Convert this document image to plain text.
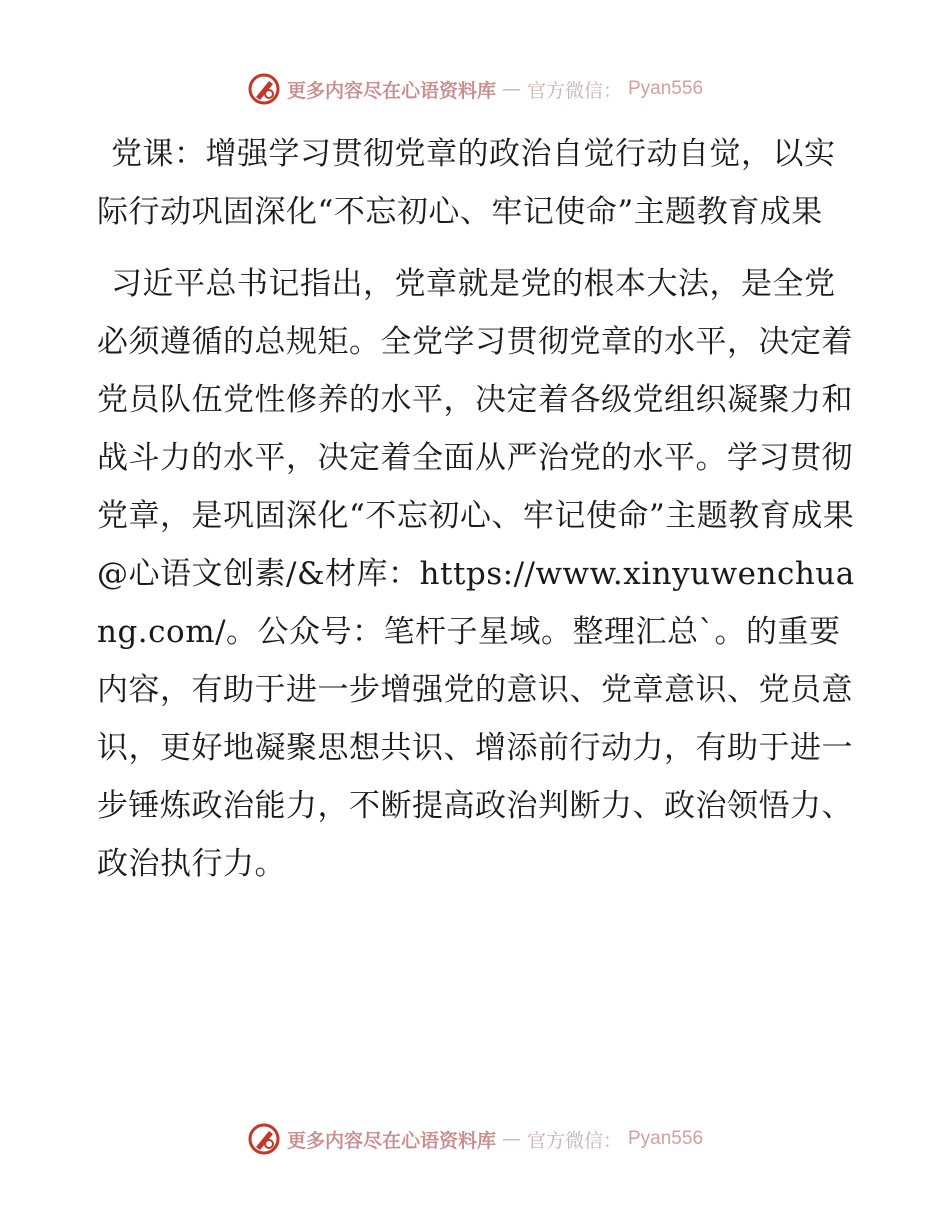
更多内容尽在心语资料库 — 官方微信： Pyan556

党课：增强学习贯彻党章的政治自觉行动自觉，以实际行动巩固深化“不忘初心、牢记使命”主题教育成果

习近平总书记指出，党章就是党的根本大法，是全党必须遵循的总规矩。全党学习贯彻党章的水平，决定着党员队伍党性修养的水平，决定着各级党组织凝聚力和战斗力的水平，决定着全面从严治党的水平。学习贯彻党章，是巩固深化“不忘初心、牢记使命”主题教育成果@心语文创素/&材库：https://www.xinyuwenchuang.com/。公众号：笔杆子星域。整理汇总`。的重要内容，有助于进一步增强党的意识、党章意识、党员意识，更好地凝聚思想共识、增添前行动力，有助于进一步锤炼政治能力，不断提高政治判断力、政治领悟力、政治执行力。

更多内容尽在心语资料库 — 官方微信： Pyan556
